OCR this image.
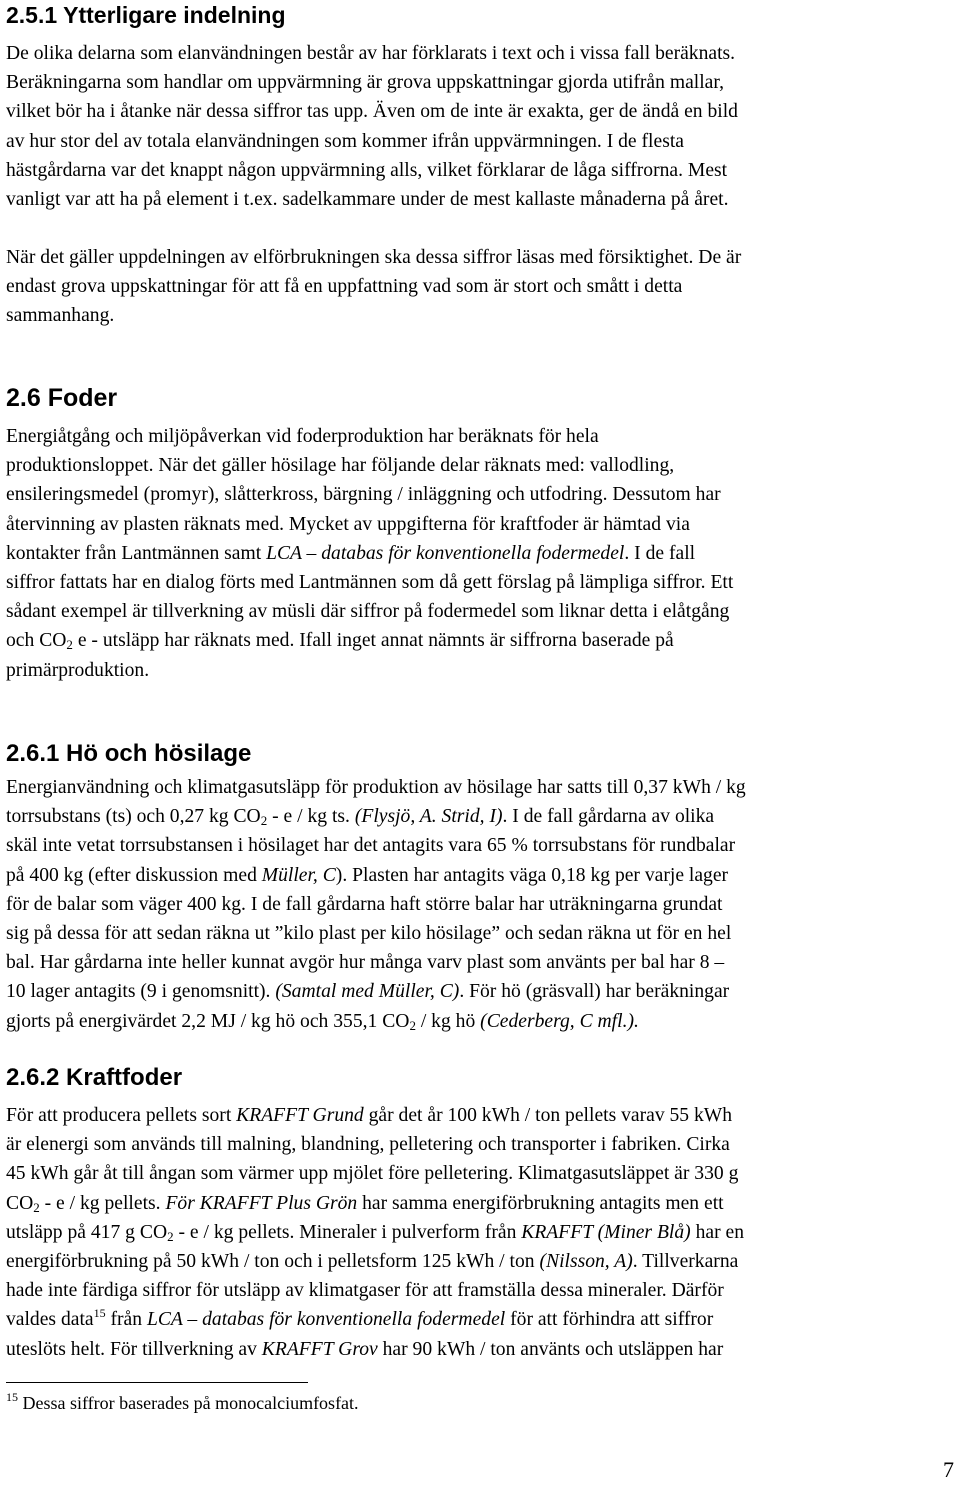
2.5.1 Ytterligare indelning
De olika delarna som elanvändningen består av har förklarats i text och i vissa fall beräknats.
Beräkningarna som handlar om uppvärmning är grova uppskattningar gjorda utifrån mallar,
vilket bör ha i åtanke när dessa siffror tas upp. Även om de inte är exakta, ger de ändå en bild
av hur stor del av totala elanvändningen som kommer ifrån uppvärmningen. I de flesta
hästgårdarna var det knappt någon uppvärmning alls, vilket förklarar de låga siffrorna. Mest
vanligt var att ha på element i t.ex. sadelkammare under de mest kallaste månaderna på året.
När det gäller uppdelningen av elförbrukningen ska dessa siffror läsas med försiktighet. De är
endast grova uppskattningar för att få en uppfattning vad som är stort och smått i detta
sammanhang.
2.6 Foder
Energiåtgång och miljöpåverkan vid foderproduktion har beräknats för hela
produktionsloppet. När det gäller hösilage har följande delar räknats med: vallodling,
ensileringsmedel (promyr), slåtterkross, bärgning / inläggning och utfodring. Dessutom har
återvinning av plasten räknats med. Mycket av uppgifterna för kraftfoder är hämtad via
kontakter från Lantmännen samt LCA – databas för konventionella fodermedel. I de fall
siffror fattats har en dialog förts med Lantmännen som då gett förslag på lämpliga siffror. Ett
sådant exempel är tillverkning av müsli där siffror på fodermedel som liknar detta i elåtgång
och $CO_2$ e - utsläpp har räknats med. Ifall inget annat nämnts är siffrorna baserade på
primärproduktion.
2.6.1 Hö och hösilage
Energianvändning och klimatgasutsläpp för produktion av hösilage har satts till 0,37 kWh / kg
torrsubstans (ts) och 0,27 kg $CO_2$ - e / kg ts. (Flysjö, A. Strid, I). I de fall gårdarna av olika
skäl inte vetat torrsubstansen i hösilaget har det antagits vara 65 % torrsubstans för rundbalar
på 400 kg (efter diskussion med Müller, C). Plasten har antagits väga 0,18 kg per varje lager
för de balar som väger 400 kg. I de fall gårdarna haft större balar har uträkningarna grundat
sig på dessa för att sedan räkna ut ”kilo plast per kilo hösilage” och sedan räkna ut för en hel
bal. Har gårdarna inte heller kunnat avgör hur många varv plast som använts per bal har 8 –
10 lager antagits (9 i genomsnitt). (Samtal med Müller, C). För hö (gräsvall) har beräkningar
gjorts på energivärdet 2,2 MJ / kg hö och 355,1 $CO_2$ / kg hö (Cederberg, C mfl.).
2.6.2 Kraftfoder
För att producera pellets sort KRAFFT Grund går det år 100 kWh / ton pellets varav 55 kWh
är elenergi som används till malning, blandning, pelletering och transporter i fabriken. Cirka
45 kWh går åt till ångan som värmer upp mjölet före pelletering. Klimatgasutsläppet är 330 g
$CO_2$ - e / kg pellets. För KRAFFT Plus Grön har samma energiförbrukning antagits men ett
utsläpp på 417 g $CO_2$ - e / kg pellets. Mineraler i pulverform från KRAFFT (Miner Blå) har en
energiförbrukning på 50 kWh / ton och i pelletsform 125 kWh / ton (Nilsson, A). Tillverkarna
hade inte färdiga siffror för utsläpp av klimatgaser för att framställa dessa mineraler. Därför
valdes data$^{15}$ från LCA – databas för konventionella fodermedel för att förhindra att siffror
uteslöts helt. För tillverkning av KRAFFT Grov har 90 kWh / ton använts och utsläppen har
$^{15}$ Dessa siffror baserades på monocalciumfosfat.
7
